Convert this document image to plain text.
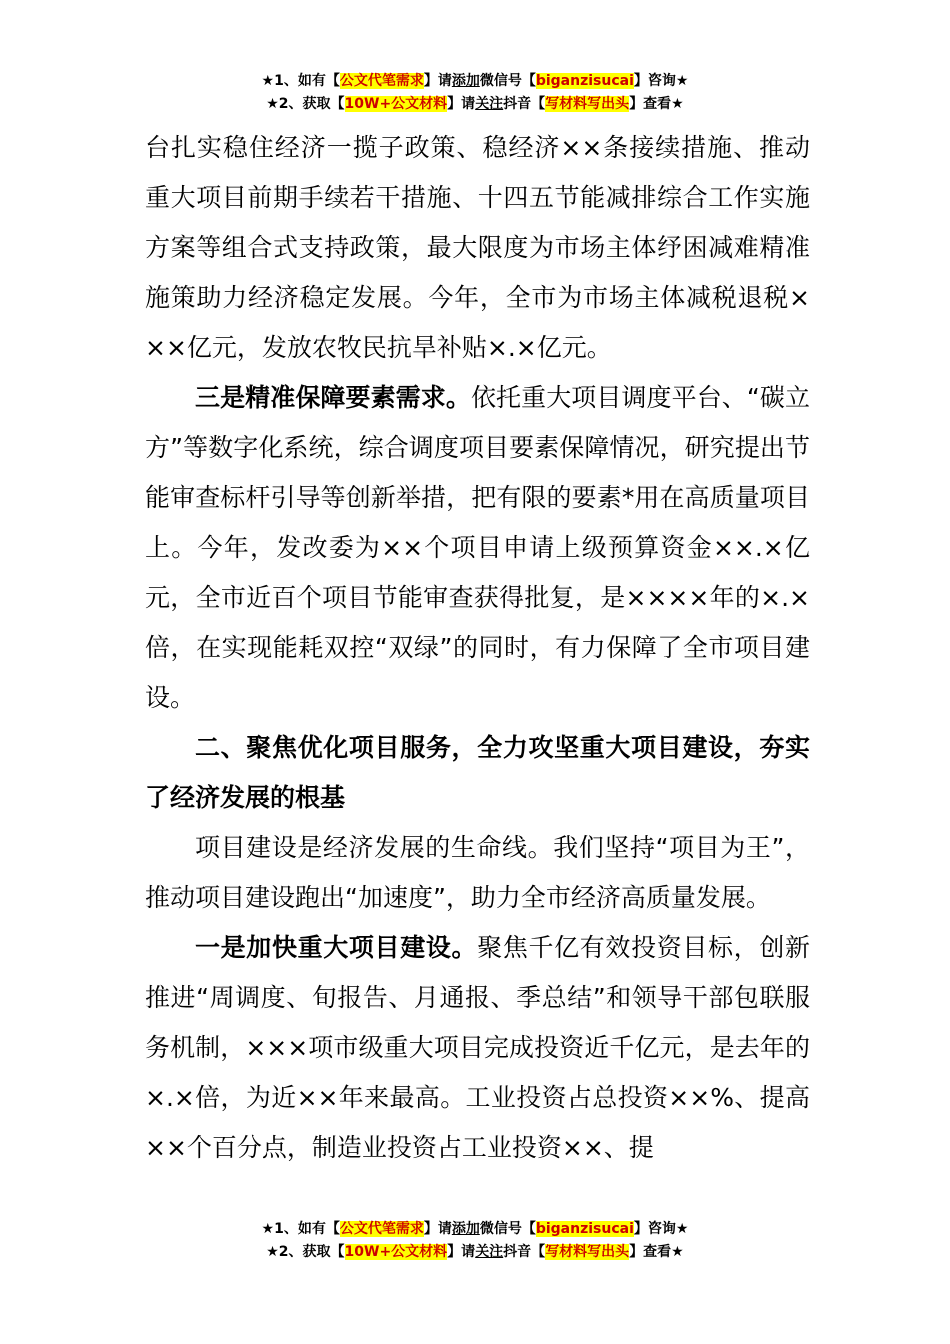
★1、如有【公文代笔需求】请添加微信号【biganzisucai】咨询★
★2、获取【10W+公文材料】请关注抖音【写材料写出头】查看★

台扎实稳住经济一揽子政策、稳经济××条接续措施、推动重大项目前期手续若干措施、十四五节能减排综合工作实施方案等组合式支持政策，最大限度为市场主体纾困减难精准施策助力经济稳定发展。今年，全市为市场主体减税退税×××亿元，发放农牧民抗旱补贴×.×亿元。

三是精准保障要素需求。依托重大项目调度平台、“碳立方”等数字化系统，综合调度项目要素保障情况，研究提出节能审查标杆引导等创新举措，把有限的要素*用在高质量项目上。今年，发改委为××个项目申请上级预算资金××.×亿元，全市近百个项目节能审查获得批复，是××××年的×.×倍，在实现能耗双控“双绿”的同时，有力保障了全市项目建设。

二、聚焦优化项目服务，全力攻坚重大项目建设，夯实了经济发展的根基

项目建设是经济发展的生命线。我们坚持“项目为王”，推动项目建设跑出“加速度”，助力全市经济高质量发展。

一是加快重大项目建设。聚焦千亿有效投资目标，创新推进“周调度、旬报告、月通报、季总结”和领导干部包联服务机制，×××项市级重大项目完成投资近千亿元，是去年的×.×倍，为近××年来最高。工业投资占总投资××%、提高××个百分点，制造业投资占工业投资××、提

★1、如有【公文代笔需求】请添加微信号【biganzisucai】咨询★
★2、获取【10W+公文材料】请关注抖音【写材料写出头】查看★
